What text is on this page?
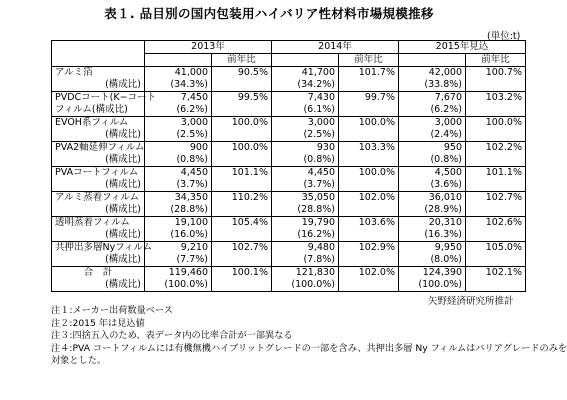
表１. 品目別の国内包装用ハイバリア性材料市場規模推移
(単位:t)
	2013年		2014年		2015年見込	
		前年比		前年比		前年比
アルミ箔	41,000	90.5%	41,700	101.7%	42,000	100.7%
(構成比)	(34.3%)		(34.2%)		(33.8%)	
PVDCコート(K−コート	7,450	99.5%	7,430	99.7%	7,670	103.2%
フィルム(構成比)	(6.2%)		(6.1%)		(6.2%)	
EVOH系フィルム	3,000	100.0%	3,000	100.0%	3,000	100.0%
(構成比)	(2.5%)		(2.5%)		(2.4%)	
PVA2軸延伸フィルム	900	100.0%	930	103.3%	950	102.2%
(構成比)	(0.8%)		(0.8%)		(0.8%)	
PVAコートフィルム	4,450	101.1%	4,450	100.0%	4,500	101.1%
(構成比)	(3.7%)		(3.7%)		(3.6%)	
アルミ蒸着フィルム	34,350	110.2%	35,050	102.0%	36,010	102.7%
(構成比)	(28.8%)		(28.8%)		(28.9%)	
透明蒸着フィルム	19,100	105.4%	19,790	103.6%	20,310	102.6%
(構成比)	(16.0%)		(16.2%)		(16.3%)	
共押出多層Nyフィルム	9,210	102.7%	9,480	102.9%	9,950	105.0%
(構成比)	(7.7%)		(7.8%)		(8.0%)	
合　計	119,460	100.1%	121,830	102.0%	124,390	102.1%
(構成比)	(100.0%)		(100.0%)		(100.0%)	
矢野経済研究所推計
注１:メーカー出荷数量ベース
注２:2015 年は見込値
注３:四捨五入のため、表データ内の比率合計が一部異なる
注４:PVA コートフィルムには有機無機ハイブリットグレードの一部を含み、共押出多層 Ny フィルムはバリアグレードのみを
対象とした。
